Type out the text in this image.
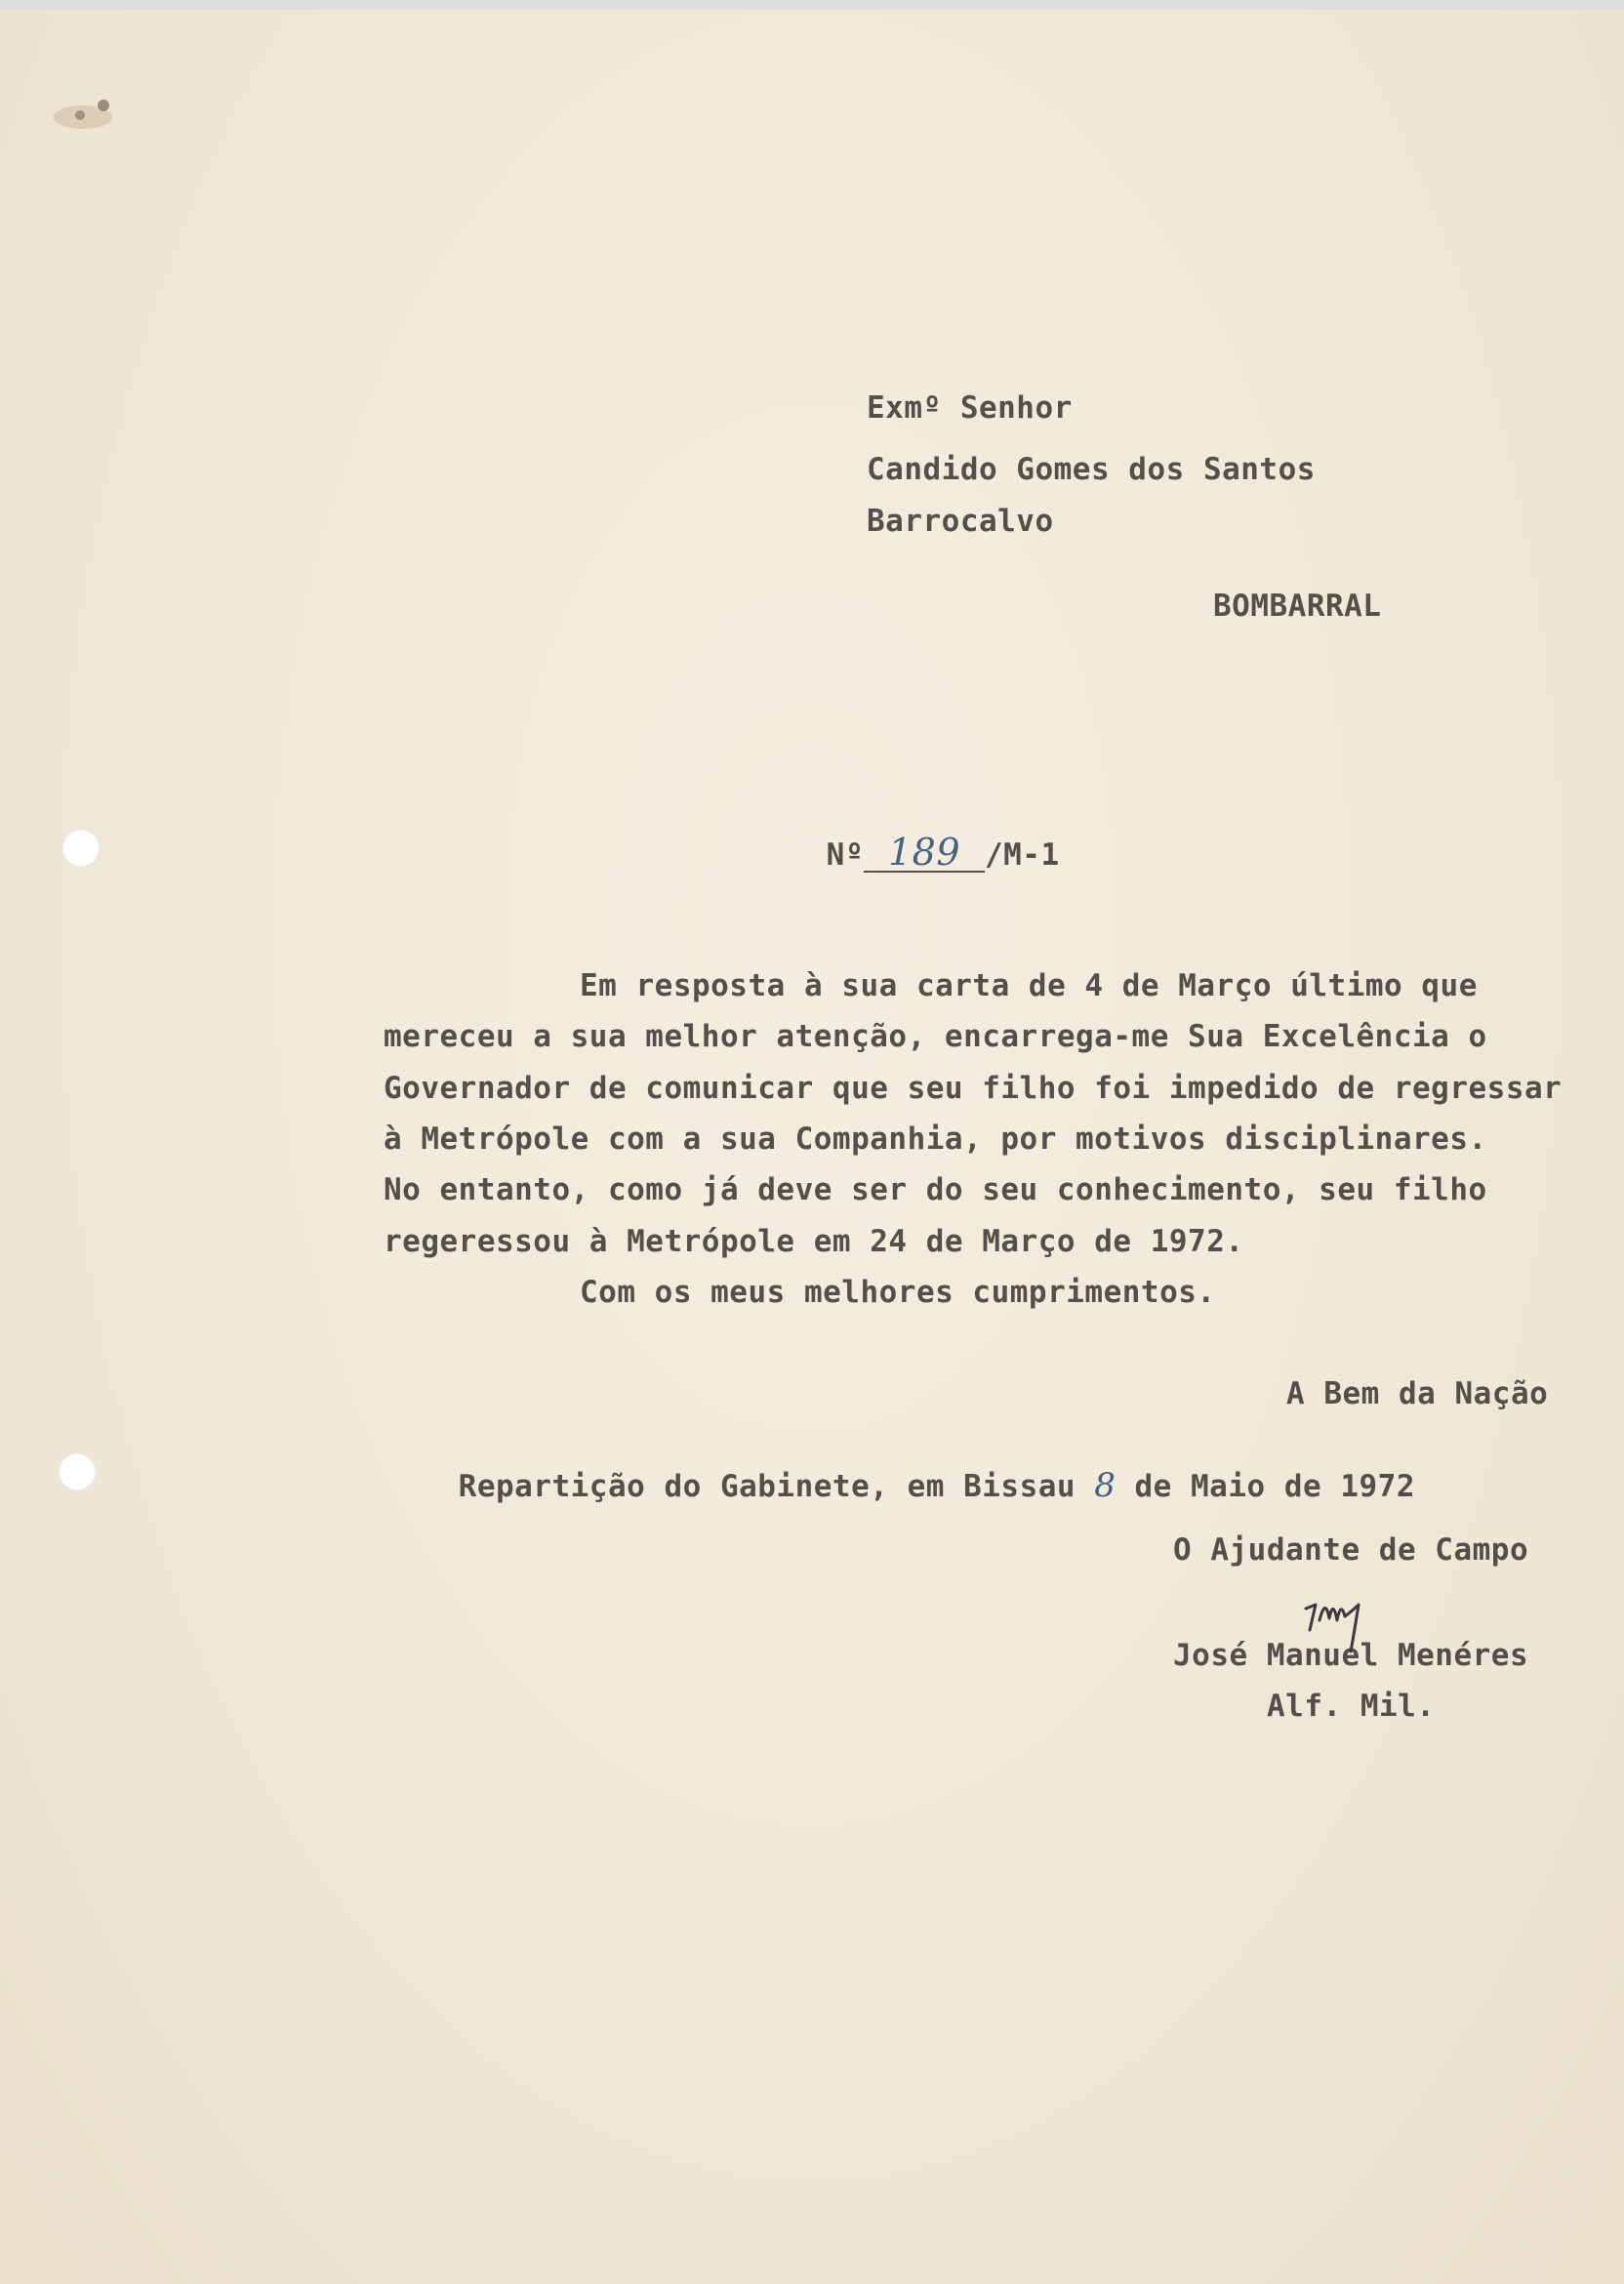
Exmº Senhor
Candido Gomes dos Santos
Barrocalvo
BOMBARRAL

Nº 189 /M-1

Em resposta à sua carta de 4 de Março último que
mereceu a sua melhor atenção, encarrega-me Sua Excelência o
Governador de comunicar que seu filho foi impedido de regressar
à Metrópole com a sua Companhia, por motivos disciplinares.
No entanto, como já deve ser do seu conhecimento, seu filho
regeressou à Metrópole em 24 de Março de 1972.
Com os meus melhores cumprimentos.
A Bem da Nação

Repartição do Gabinete, em Bissau 8 de Maio de 1972

O Ajudante de Campo
José Manuel Menéres
Alf. Mil.
